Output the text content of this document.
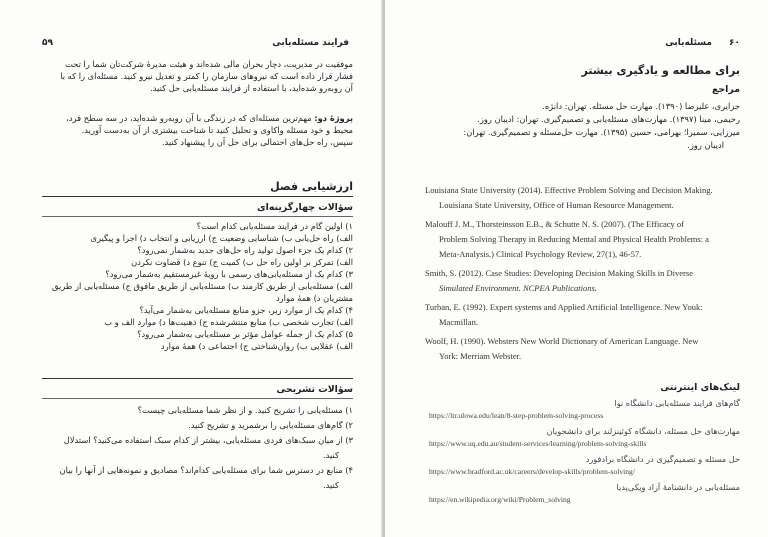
۵۹	فرایند مسئله‌یابی
موفقیت در مدیریت، دچار بحران مالی شده‌اند و هیئت مدیرهٔ شرکت‌تان شما را تحت
فشار قرار داده است که نیروهای سازمان را کمتر و تعدیل نیرو کنید. مسئله‌ای را که با
آن روبه‌رو شده‌اید، با استفاده از فرایند مسئله‌یابی حل کنید.
پروژهٔ دو: مهم‌ترین مسئله‌ای که در زندگی با آن روبه‌رو شده‌اید، در سه سطح فرد،
محیط و خود مسئله واکاوی و تحلیل کنید تا شناخت بیشتری از آن به‌دست آورید.
سپس، راه حل‌های احتمالی برای حل آن را پیشنهاد کنید.
ارزشیابی فصل
سؤالات چهارگزینه‌ای
۱) اولین گام در فرایند مسئله‌یابی کدام است؟
الف) راه حل‌یابی ب) شناسایی وضعیت ج) ارزیابی و انتخاب د) اجرا و پیگیری
۲) کدام یک جزء اصول تولید راه حل‌های جدید به‌شمار نمی‌رود؟
الف) تمرکز بر اولین راه حل ب) کمیت ج) تنوع د) قضاوت نکردن
۳) کدام یک از مسئله‌یابی‌های رسمی با رویهٔ غیرمستقیم به‌شمار می‌رود؟
الف) مسئله‌یابی از طریق کارمند ب) مسئله‌یابی از طریق مافوق ج) مسئله‌یابی از طریق
مشتریان د) همهٔ موارد
۴) کدام یک از موارد زیر، جزو منابع مسئله‌یابی به‌شمار می‌آید؟
الف) تجارب شخصی ب) منابع منتشرشده ج) ذهنیت‌ها د) موارد الف و ب
۵) کدام یک از جمله عوامل مؤثر بر مسئله‌یابی به‌شمار می‌رود؟
الف) عقلایی ب) روان‌شناختی ج) اجتماعی د) همهٔ موارد
سؤالات تشریحی
۱) مسئله‌یابی را تشریح کنید. و از نظر شما مسئله‌یابی چیست؟
۲) گام‌های مسئله‌یابی را برشمرید و تشریح کنید.
۳) از میان سبک‌های فردی مسئله‌یابی، بیشتر از کدام سبک استفاده می‌کنید؟ استدلال
کنید.
۴) منابع در دسترس شما برای مسئله‌یابی کدام‌اند؟ مصادیق و نمونه‌هایی از آنها را بیان
کنید.
۶۰
مسئله‌یابی
برای مطالعه و یادگیری بیشتر
مراجع
جزایری، علیرضا (۱۳۹۰). مهارت حل مسئله. تهران: دانژه.
رحیمی، مینا (۱۳۹۷). مهارت‌های مسئله‌یابی و تصمیم‌گیری. تهران: ادیبان روز.
میرزایی، سمیرا؛ بهرامی، حسین (۱۳۹۵). مهارت حل‌مسئله و تصمیم‌گیری. تهران:
ادیبان روز.
Louisiana State University (2014). Effective Problem Solving and Decision Making.
Louisiana State University, Office of Human Resource Management.
Malouff J. M., Thorsteinsson E.B., & Schutte N. S. (2007). (The Efficacy of
Problem Solving Therapy in Reducing Mental and Physical Health Problems: a
Meta-Analysis.) Clinical Psychology Review, 27(1), 46-57.
Smith, S. (2012). Case Studies: Developing Decision Making Skills in Diverse
Simulated Environment. NCPEA Publications.
Turban, E. (1992). Expert systems and Applied Artificial Intelligence. New Youk:
Macmillan.
Woolf, H. (1990). Websters New World Dictionary of American Language. New
York: Merriam Webster.
لینک‌های اینترنتی
گام‌های فرایند مسئله‌یابی دانشگاه نوا
https://ltr.ulowa.edu/lean/8-step-problem-solving-process
مهارت‌های حل مسئله، دانشگاه کوئینزلند برای دانشجویان
https://www.uq.edu.au/student-services/learning/problem-solving-skills
حل مسئله و تصمیم‌گیری در دانشگاه برادفورد
https://www.bradford.ac.uk/careers/develop-skills/problem-solving/
مسئله‌یابی در دانشنامهٔ آزاد ویکی‌پدیا
https://en.wikipedia.org/wiki/Problem_solving
